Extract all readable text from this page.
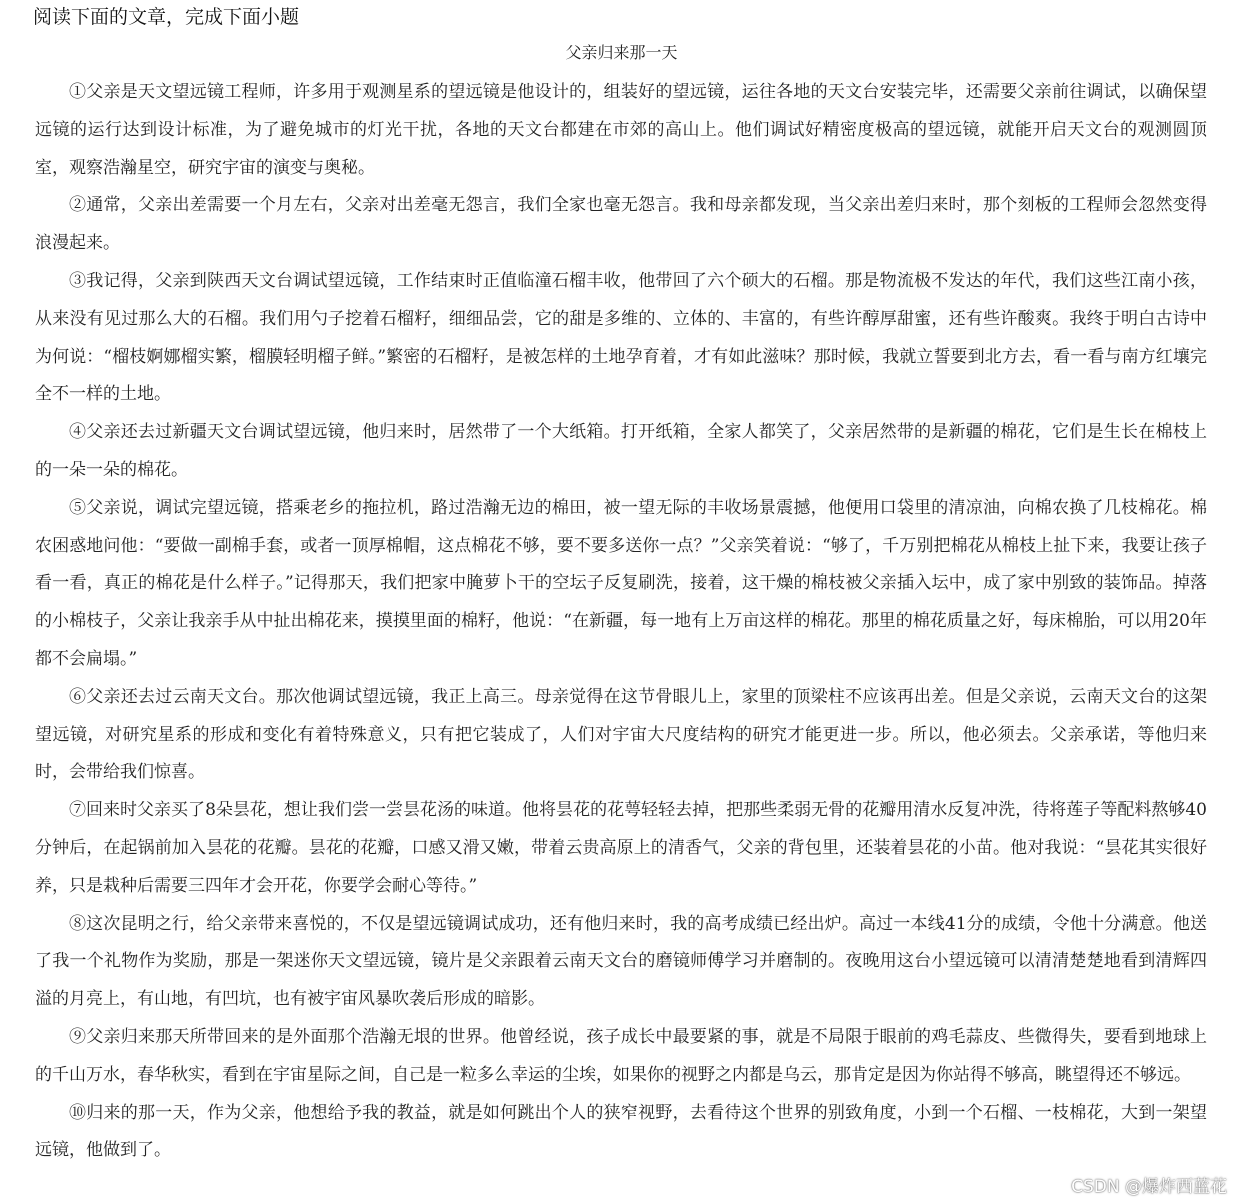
阅读下面的文章，完成下面小题
父亲归来那一天

①父亲是天文望远镜工程师，许多用于观测星系的望远镜是他设计的，组装好的望远镜，运往各地的天文台安装完毕，还需要父亲前往调试，以确保望远镜的运行达到设计标准，为了避免城市的灯光干扰，各地的天文台都建在市郊的高山上。他们调试好精密度极高的望远镜，就能开启天文台的观测圆顶室，观察浩瀚星空，研究宇宙的演变与奥秘。

②通常，父亲出差需要一个月左右，父亲对出差毫无怨言，我们全家也毫无怨言。我和母亲都发现，当父亲出差归来时，那个刻板的工程师会忽然变得浪漫起来。

③我记得，父亲到陕西天文台调试望远镜，工作结束时正值临潼石榴丰收，他带回了六个硕大的石榴。那是物流极不发达的年代，我们这些江南小孩，从来没有见过那么大的石榴。我们用勺子挖着石榴籽，细细品尝，它的甜是多维的、立体的、丰富的，有些许醇厚甜蜜，还有些许酸爽。我终于明白古诗中为何说：“榴枝婀娜榴实繁，榴膜轻明榴子鲜。”繁密的石榴籽，是被怎样的土地孕育着，才有如此滋味？那时候，我就立誓要到北方去，看一看与南方红壤完全不一样的土地。

④父亲还去过新疆天文台调试望远镜，他归来时，居然带了一个大纸箱。打开纸箱，全家人都笑了，父亲居然带的是新疆的棉花，它们是生长在棉枝上的一朵一朵的棉花。

⑤父亲说，调试完望远镜，搭乘老乡的拖拉机，路过浩瀚无边的棉田，被一望无际的丰收场景震撼，他便用口袋里的清凉油，向棉农换了几枝棉花。棉农困惑地问他：“要做一副棉手套，或者一顶厚棉帽，这点棉花不够，要不要多送你一点？”父亲笑着说：“够了，千万别把棉花从棉枝上扯下来，我要让孩子看一看，真正的棉花是什么样子。”记得那天，我们把家中腌萝卜干的空坛子反复刷洗，接着，这干燥的棉枝被父亲插入坛中，成了家中别致的装饰品。掉落的小棉枝子，父亲让我亲手从中扯出棉花来，摸摸里面的棉籽，他说：“在新疆，每一地有上万亩这样的棉花。那里的棉花质量之好，每床棉胎，可以用20年都不会扁塌。”

⑥父亲还去过云南天文台。那次他调试望远镜，我正上高三。母亲觉得在这节骨眼儿上，家里的顶梁柱不应该再出差。但是父亲说，云南天文台的这架望远镜，对研究星系的形成和变化有着特殊意义，只有把它装成了，人们对宇宙大尺度结构的研究才能更进一步。所以，他必须去。父亲承诺，等他归来时，会带给我们惊喜。

⑦回来时父亲买了8朵昙花，想让我们尝一尝昙花汤的味道。他将昙花的花萼轻轻去掉，把那些柔弱无骨的花瓣用清水反复冲洗，待将莲子等配料熬够40分钟后，在起锅前加入昙花的花瓣。昙花的花瓣，口感又滑又嫩，带着云贵高原上的清香气，父亲的背包里，还装着昙花的小苗。他对我说：“昙花其实很好养，只是栽种后需要三四年才会开花，你要学会耐心等待。”

⑧这次昆明之行，给父亲带来喜悦的，不仅是望远镜调试成功，还有他归来时，我的高考成绩已经出炉。高过一本线41分的成绩，令他十分满意。他送了我一个礼物作为奖励，那是一架迷你天文望远镜，镜片是父亲跟着云南天文台的磨镜师傅学习并磨制的。夜晚用这台小望远镜可以清清楚楚地看到清辉四溢的月亮上，有山地，有凹坑，也有被宇宙风暴吹袭后形成的暗影。

⑨父亲归来那天所带回来的是外面那个浩瀚无垠的世界。他曾经说，孩子成长中最要紧的事，就是不局限于眼前的鸡毛蒜皮、些微得失，要看到地球上的千山万水，春华秋实，看到在宇宙星际之间，自己是一粒多么幸运的尘埃，如果你的视野之内都是乌云，那肯定是因为你站得不够高，眺望得还不够远。

⑩归来的那一天，作为父亲，他想给予我的教益，就是如何跳出个人的狭窄视野，去看待这个世界的别致角度，小到一个石榴、一枝棉花，大到一架望远镜，他做到了。

CSDN @爆炸西蓝花
